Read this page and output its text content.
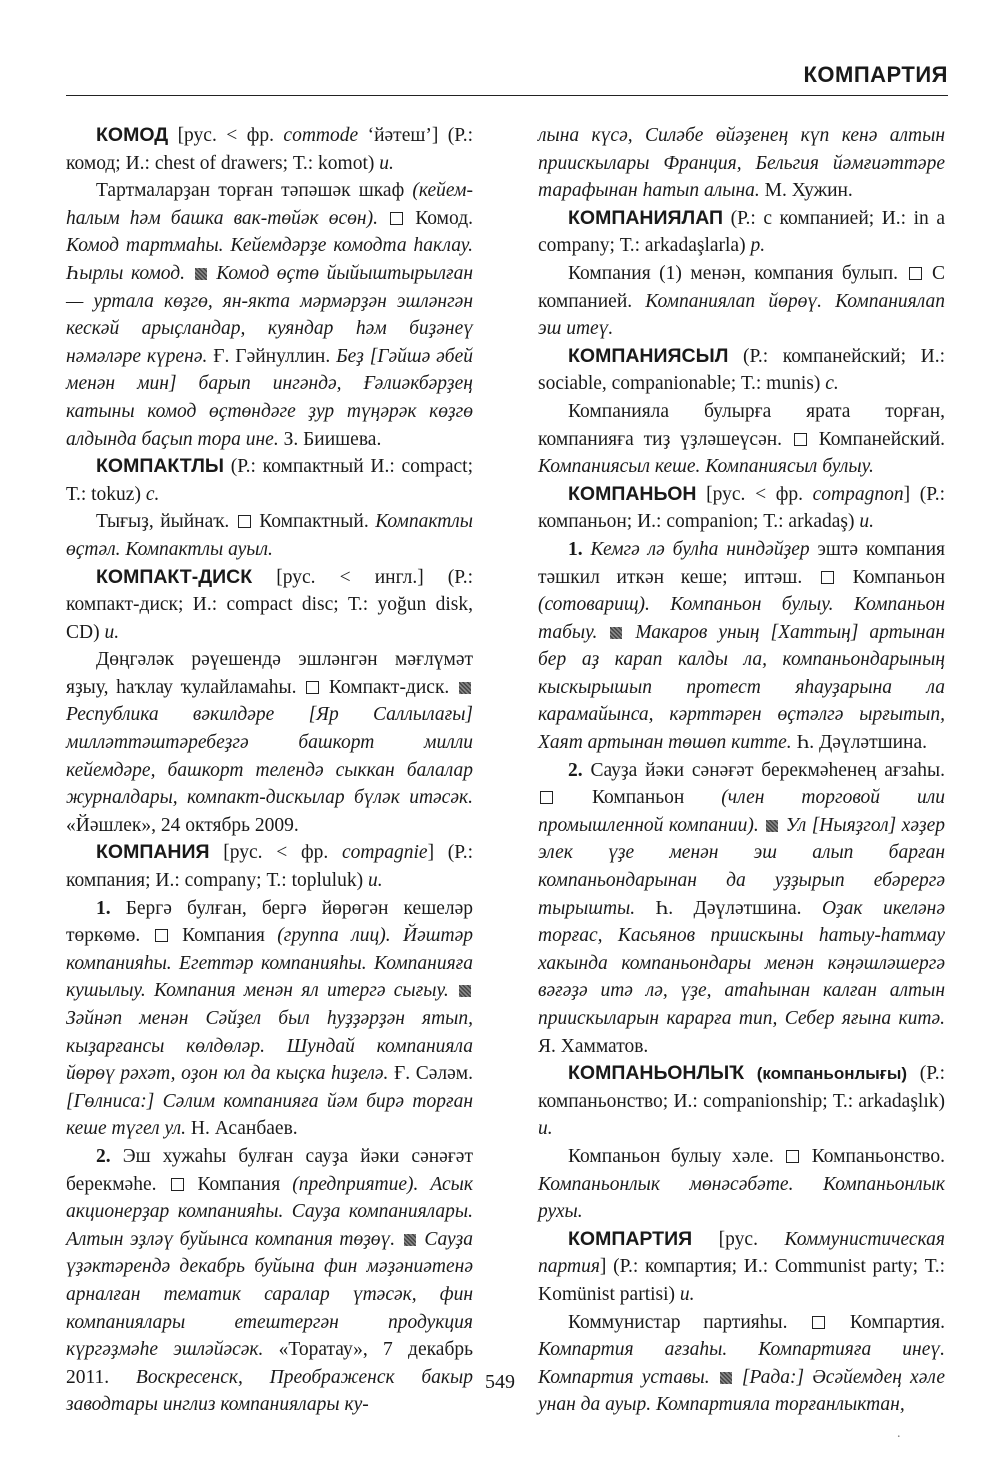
КОМПАРТИЯ

КОМОД [рус. < фр. commode ‘йәтеш’] (Р.: комод; И.: chest of drawers; Т.: komot) и.

Тартмаларҙан торған тәпәшәк шкаф (кейем-һалым һәм башка вак-төйәк өсөн).  Комод. Комод тартмаһы. Кейемдәрҙе комодта һаклау. Һырлы комод.  Комод өҫтө йыйыштырылған — уртала көҙгө, ян-якта мәрмәрҙән эшләнгән кескәй арыҫландар, куяндар һәм биҙәнеү нәмәләре күренә. Ғ. Гәйнуллин. Беҙ [Гәйшә әбей менән мин] барып ингәндә, Ғәлиәкбәрҙең катыны комод өҫтөндәге ҙур түңәрәк көҙгө алдында баҫып тора ине. З. Биишева.

КОМПАКТЛЫ (Р.: компактный И.: compact; Т.: tokuz) с.

Тығыҙ, йыйнаҡ.  Компактный. Компактлы өҫтәл. Компактлы ауыл.

КОМПАКТ-ДИСК [рус. < ингл.] (Р.: компакт-диск; И.: compact disc; Т.: yoğun disk, CD) и.

Дөңгәләк рәүешендә эшләнгән мәғлүмәт яҙыу, һаҡлау ҡулайламаһы.  Компакт-диск.  Республика вәкилдәре [Яр Саллылағы] милләттәштәребеҙгә башкорт милли кейемдәре, башкорт телендә сыккан балалар журналдары, компакт-дискылар бүләк итәсәк. «Йәшлек», 24 октябрь 2009.

КОМПАНИЯ [рус. < фр. compagnie] (Р.: компания; И.: company; Т.: topluluk) и.

1. Бергә булған, бергә йөрөгән кешеләр төркөмө.  Компания (группа лиц). Йәштәр компанияһы. Егеттәр компанияһы. Компанияға кушылыу. Компания менән ял итергә сығыу.  Зәйнәп менән Сәйҙел был һуҙҙәрҙән ятып, кыҙарғансы көлдөләр. Шундай компанияла йөрөү рәхәт, оҙон юл да кыҫка һиҙелә. Ғ. Сәләм. [Гөлниса:] Сәлим компанияға йәм бирә торған кеше түгел ул. Н. Асанбаев.

2. Эш хужаһы булған сауҙа йәки сәнәғәт берекмәһе.  Компания (предприятие). Асык акционерҙар компанияһы. Сауҙа компаниялары. Алтын эҙләү буйынса компания төҙөү.  Сауҙа үҙәктәрендә декабрь буйына фин мәҙәниәтенә арналған тематик саралар үтәсәк, фин компаниялары етештергән продукция күргәҙмәһе эшләйәсәк. «Торатау», 7 декабрь 2011. Воскресенск, Преображенск бакыр заводтары инглиз компаниялары ку-

лына күсә, Силәбе өйәҙенең күп кенә алтын приискылары Франция, Бельгия йәмғиәттәре тарафынан һатып алына. М. Хужин.

КОМПАНИЯЛАП (Р.: с компанией; И.: in a company; Т.: arkadaşlarla) р.

Компания (1) менән, компания булып.  С компанией. Компаниялап йөрөү. Компаниялап эш итеү.

КОМПАНИЯСЫЛ (Р.: компанейский; И.: sociable, companionable; Т.: munis) с.

Компанияла булырға ярата торған, компанияға тиҙ үҙләшеүсән.  Компанейский. Компаниясыл кеше. Компаниясыл булыу.

КОМПАНЬОН [рус. < фр. compagnon] (Р.: компаньон; И.: companion; Т.: arkadaş) и.

1. Кемгә лә булһа ниндәйҙер эштә компания тәшкил иткән кеше; иптәш.  Компаньон (сотоварищ). Компаньон булыу. Компаньон табыу.  Макаров уның [Хаттың] артынан бер аҙ карап калды ла, компаньондарының кыскырышып протест яһауҙарына ла карамайынса, кәрттәрен өҫтәлгә ырғытып, Хаят артынан төшөп китте. Һ. Дәүләтшина.

2. Сауҙа йәки сәнәғәт берекмәһенең ағзаһы.  Компаньон (член торговой или промышленной компании).  Ул [Ныяҙгол] хәҙер элек үҙе менән эш алып барған компаньондарынан да уҙҙырып ебәрергә тырышты. Һ. Дәүләтшина. Оҙак икеләнә торғас, Касьянов приискыны һатыу-һатмау хакында компаньондары менән кәңәшләшергә вәғәҙә итә лә, үҙе, атаһынан калған алтын приискыларын карарға тип, Себер яғына китә. Я. Хамматов.

КОМПАНЬОНЛЫҠ (компаньонлығы) (Р.: компаньонство; И.: companionship; Т.: arkadaşlık) и.

Компаньон булыу хәле.  Компаньонство. Компаньонлык мөнәсәбәте. Компаньонлык рухы.

КОМПАРТИЯ [рус. Коммунистическая партия] (Р.: компартия; И.: Communist party; Т.: Komünist partisi) и.

Коммунистар партияһы.  Компартия. Компартия ағзаһы. Компартияға инеү. Компартия уставы.  [Рада:] Әсәйемдең хәле унан да ауыр. Компартияла торғанлыктан,

549
.
